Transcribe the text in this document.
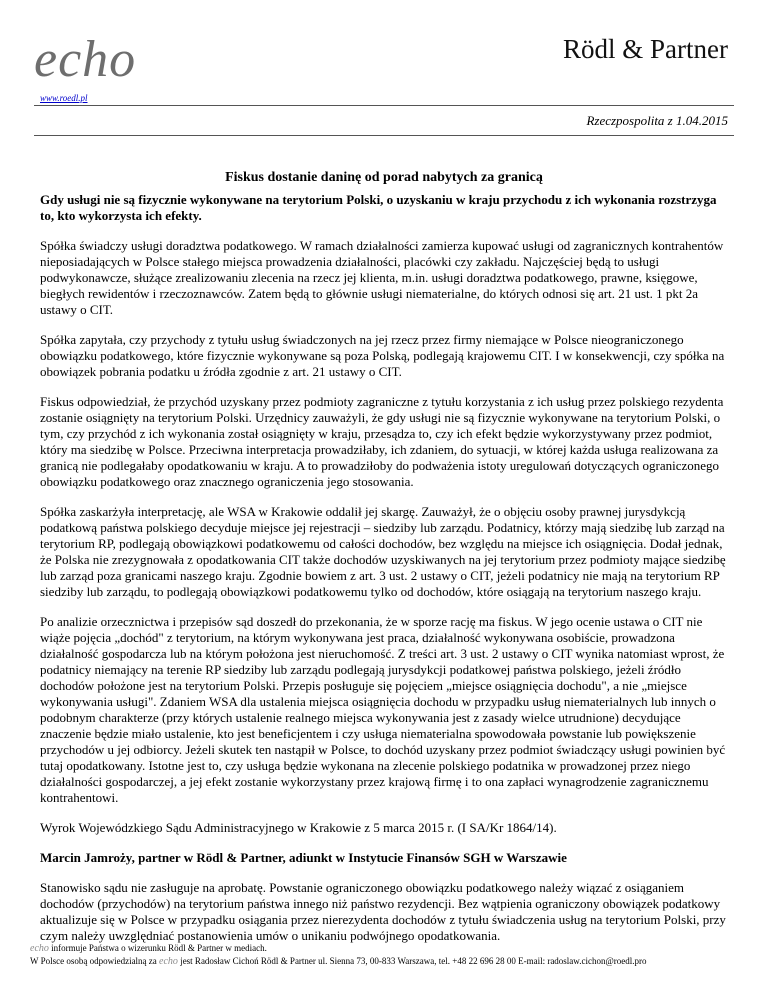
echo
www.roedl.pl
Rödl & Partner
Rzeczpospolita z 1.04.2015
Fiskus dostanie daninę od porad nabytych za granicą
Gdy usługi nie są fizycznie wykonywane na terytorium Polski, o uzyskaniu w kraju przychodu z ich wykonania rozstrzyga to, kto wykorzysta ich efekty.

Spółka świadczy usługi doradztwa podatkowego. W ramach działalności zamierza kupować usługi od zagranicznych kontrahentów nieposiadających w Polsce stałego miejsca prowadzenia działalności, placówki czy zakładu. Najczęściej będą to usługi podwykonawcze, służące zrealizowaniu zlecenia na rzecz jej klienta, m.in. usługi doradztwa podatkowego, prawne, księgowe, biegłych rewidentów i rzeczoznawców. Zatem będą to głównie usługi niematerialne, do których odnosi się art. 21 ust. 1 pkt 2a ustawy o CIT.

Spółka zapytała, czy przychody z tytułu usług świadczonych na jej rzecz przez firmy niemające w Polsce nieograniczonego obowiązku podatkowego, które fizycznie wykonywane są poza Polską, podlegają krajowemu CIT. I w konsekwencji, czy spółka na obowiązek pobrania podatku u źródła zgodnie z art. 21 ustawy o CIT.

Fiskus odpowiedział, że przychód uzyskany przez podmioty zagraniczne z tytułu korzystania z ich usług przez polskiego rezydenta zostanie osiągnięty na terytorium Polski. Urzędnicy zauważyli, że gdy usługi nie są fizycznie wykonywane na terytorium Polski, o tym, czy przychód z ich wykonania został osiągnięty w kraju, przesądza to, czy ich efekt będzie wykorzystywany przez podmiot, który ma siedzibę w Polsce. Przeciwna interpretacja prowadziłaby, ich zdaniem, do sytuacji, w której każda usługa realizowana za granicą nie podlegałaby opodatkowaniu w kraju. A to prowadziłoby do podważenia istoty uregulowań dotyczących ograniczonego obowiązku podatkowego oraz znacznego ograniczenia jego stosowania.

Spółka zaskarżyła interpretację, ale WSA w Krakowie oddalił jej skargę. Zauważył, że o objęciu osoby prawnej jurysdykcją podatkową państwa polskiego decyduje miejsce jej rejestracji – siedziby lub zarządu. Podatnicy, którzy mają siedzibę lub zarząd na terytorium RP, podlegają obowiązkowi podatkowemu od całości dochodów, bez względu na miejsce ich osiągnięcia. Dodał jednak, że Polska nie zrezygnowała z opodatkowania CIT także dochodów uzyskiwanych na jej terytorium przez podmioty mające siedzibę lub zarząd poza granicami naszego kraju. Zgodnie bowiem z art. 3 ust. 2 ustawy o CIT, jeżeli podatnicy nie mają na terytorium RP siedziby lub zarządu, to podlegają obowiązkowi podatkowemu tylko od dochodów, które osiągają na terytorium naszego kraju.

Po analizie orzecznictwa i przepisów sąd doszedł do przekonania, że w sporze rację ma fiskus. W jego ocenie ustawa o CIT nie wiąże pojęcia „dochód" z terytorium, na którym wykonywana jest praca, działalność wykonywana osobiście, prowadzona działalność gospodarcza lub na którym położona jest nieruchomość. Z treści art. 3 ust. 2 ustawy o CIT wynika natomiast wprost, że podatnicy niemający na terenie RP siedziby lub zarządu podlegają jurysdykcji podatkowej państwa polskiego, jeżeli źródło dochodów położone jest na terytorium Polski. Przepis posługuje się pojęciem „miejsce osiągnięcia dochodu", a nie „miejsce wykonywania usługi". Zdaniem WSA dla ustalenia miejsca osiągnięcia dochodu w przypadku usług niematerialnych lub innych o podobnym charakterze (przy których ustalenie realnego miejsca wykonywania jest z zasady wielce utrudnione) decydujące znaczenie będzie miało ustalenie, kto jest beneficjentem i czy usługa niematerialna spowodowała powstanie lub powiększenie przychodów u jej odbiorcy. Jeżeli skutek ten nastąpił w Polsce, to dochód uzyskany przez podmiot świadczący usługi powinien być tutaj opodatkowany. Istotne jest to, czy usługa będzie wykonana na zlecenie polskiego podatnika w prowadzonej przez niego działalności gospodarczej, a jej efekt zostanie wykorzystany przez krajową firmę i to ona zapłaci wynagrodzenie zagranicznemu kontrahentowi.

Wyrok Wojewódzkiego Sądu Administracyjnego w Krakowie z 5 marca 2015 r. (I SA/Kr 1864/14).

Marcin Jamroży, partner w Rödl & Partner, adiunkt w Instytucie Finansów SGH w Warszawie

Stanowisko sądu nie zasługuje na aprobatę. Powstanie ograniczonego obowiązku podatkowego należy wiązać z osiąganiem dochodów (przychodów) na terytorium państwa innego niż państwo rezydencji. Bez wątpienia ograniczony obowiązek podatkowy aktualizuje się w Polsce w przypadku osiągania przez nierezydenta dochodów z tytułu świadczenia usług na terytorium Polski, przy czym należy uwzględniać postanowienia umów o unikaniu podwójnego opodatkowania.

echo informuje Państwa o wizerunku Rödl & Partner w mediach.
W Polsce osobą odpowiedzialną za echo jest Radosław Cichoń Rödl & Partner ul. Sienna 73, 00-833 Warszawa, tel. +48 22 696 28 00 E-mail: radoslaw.cichon@roedl.pro
